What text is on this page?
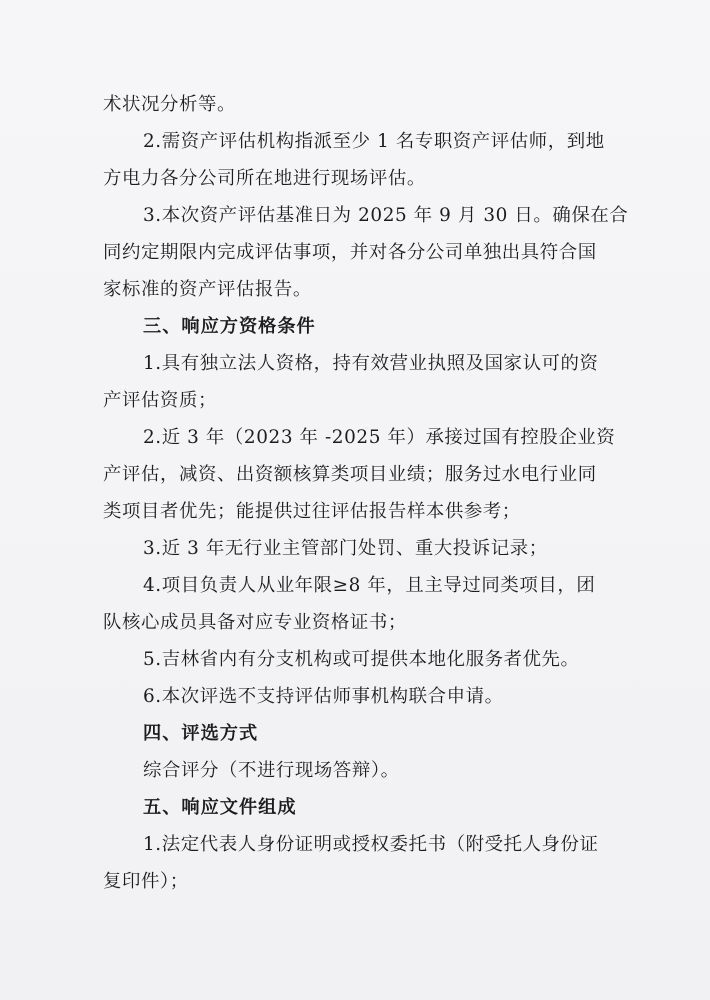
术状况分析等。
2.需资产评估机构指派至少 1 名专职资产评估师，到地
方电力各分公司所在地进行现场评估。
3.本次资产评估基准日为 2025 年 9 月 30 日。确保在合
同约定期限内完成评估事项，并对各分公司单独出具符合国
家标准的资产评估报告。
三、响应方资格条件
1.具有独立法人资格，持有效营业执照及国家认可的资
产评估资质；
2.近 3 年（2023 年 -2025 年）承接过国有控股企业资
产评估，减资、出资额核算类项目业绩；服务过水电行业同
类项目者优先；能提供过往评估报告样本供参考；
3.近 3 年无行业主管部门处罚、重大投诉记录；
4.项目负责人从业年限≥8 年，且主导过同类项目，团
队核心成员具备对应专业资格证书；
5.吉林省内有分支机构或可提供本地化服务者优先。
6.本次评选不支持评估师事机构联合申请。
四、评选方式
综合评分（不进行现场答辩）。
五、响应文件组成
1.法定代表人身份证明或授权委托书（附受托人身份证
复印件）；
